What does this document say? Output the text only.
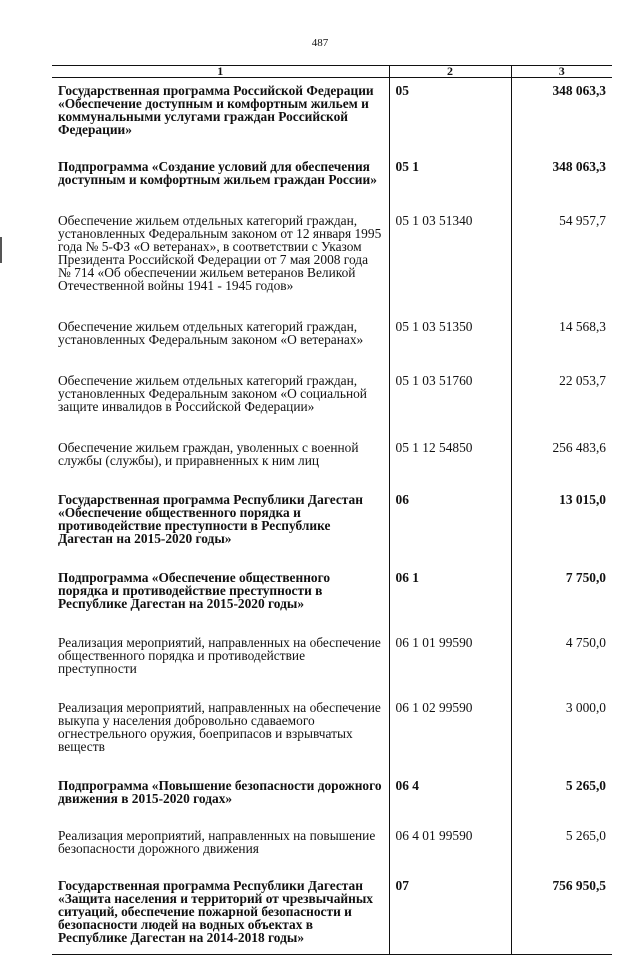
487
1	2	3
Государственная программа Российской Федерации «Обеспечение доступным и комфортным жильем и коммунальными услугами граждан Российской Федерации»	05	348 063,3
Подпрограмма «Создание условий для обеспечения доступным и комфортным жильем граждан России»	05 1	348 063,3
Обеспечение жильем отдельных категорий граждан, установленных Федеральным законом от 12 января 1995 года № 5-ФЗ «О ветеранах», в соответствии с Указом Президента Российской Федерации от 7 мая 2008 года № 714 «Об обеспечении жильем ветеранов Великой Отечественной войны 1941 - 1945 годов»	05 1 03 51340	54 957,7
Обеспечение жильем отдельных категорий граждан, установленных Федеральным законом «О ветеранах»	05 1 03 51350	14 568,3
Обеспечение жильем отдельных категорий граждан, установленных Федеральным законом «О социальной защите инвалидов в Российской Федерации»	05 1 03 51760	22 053,7
Обеспечение жильем граждан, уволенных с военной службы (службы), и приравненных к ним лиц	05 1 12 54850	256 483,6
Государственная программа Республики Дагестан «Обеспечение общественного порядка и противодействие преступности в Республике Дагестан на 2015-2020 годы»	06	13 015,0
Подпрограмма «Обеспечение общественного порядка и противодействие преступности в Республике Дагестан на 2015-2020 годы»	06 1	7 750,0
Реализация мероприятий, направленных на обеспечение общественного порядка и противодействие преступности	06 1 01 99590	4 750,0
Реализация мероприятий, направленных на обеспечение выкупа у населения добровольно сдаваемого огнестрельного оружия, боеприпасов и взрывчатых веществ	06 1 02 99590	3 000,0
Подпрограмма «Повышение безопасности дорожного движения в 2015-2020 годах»	06 4	5 265,0
Реализация мероприятий, направленных на повышение безопасности дорожного движения	06 4 01 99590	5 265,0
Государственная программа Республики Дагестан «Защита населения и территорий от чрезвычайных ситуаций, обеспечение пожарной безопасности и безопасности людей на водных объектах в Республике Дагестан на 2014-2018 годы»	07	756 950,5
